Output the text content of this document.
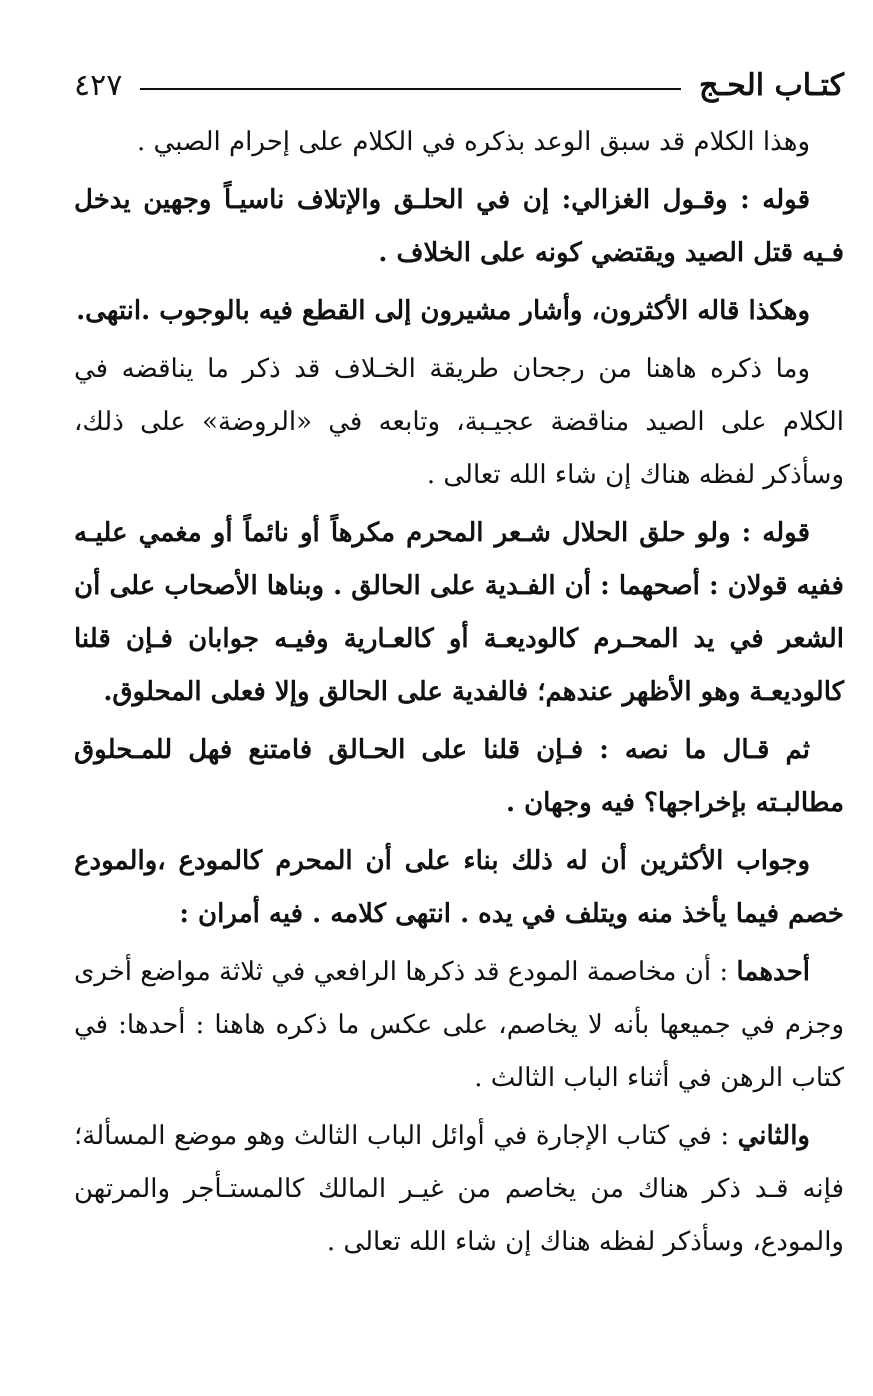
كتـاب الحـج
٤٢٧

وهذا الكلام قد سبق الوعد بذكره في الكلام على إحرام الصبي .

قوله : وقـول الغزالي: إن في الحلـق والإتلاف ناسيـاً وجهين يدخل فـيه قتل الصيد ويقتضي كونه على الخلاف .

وهكذا قاله الأكثرون، وأشار مشيرون إلى القطع فيه بالوجوب .انتهى.

وما ذكره هاهنا من رجحان طريقة الخـلاف قد ذكر ما يناقضه في الكلام على الصيد مناقضة عجيـبة، وتابعه في «الروضة» على ذلك، وسأذكر لفظه هناك إن شاء الله تعالى .

قوله : ولو حلق الحلال شـعر المحرم مكرهاً أو نائماً أو مغمي عليـه ففيه قولان : أصحهما : أن الفـدية على الحالق . وبناها الأصحاب على أن الشعر في يد المحـرم كالوديعـة أو كالعـارية وفيـه جوابان فـإن قلنا كالوديعـة وهو الأظهر عندهم؛ فالفدية على الحالق وإلا فعلى المحلوق.

ثم قـال ما نصه : فـإن قلنا على الحـالق فامتنع فهل للمـحلوق مطالبـته بإخراجها؟ فيه وجهان .

وجواب الأكثرين أن له ذلك بناء على أن المحرم كالمودع ،والمودع خصم فيما يأخذ منه ويتلف في يده . انتهى كلامه . فيه أمران :

أحدهما : أن مخاصمة المودع قد ذكرها الرافعي في ثلاثة مواضع أخرى وجزم في جميعها بأنه لا يخاصم، على عكس ما ذكره هاهنا : أحدها: في كتاب الرهن في أثناء الباب الثالث .

والثاني : في كتاب الإجارة في أوائل الباب الثالث وهو موضع المسألة؛ فإنه قـد ذكر هناك من يخاصم من غيـر المالك كالمستـأجر والمرتهن والمودع، وسأذكر لفظه هناك إن شاء الله تعالى .
